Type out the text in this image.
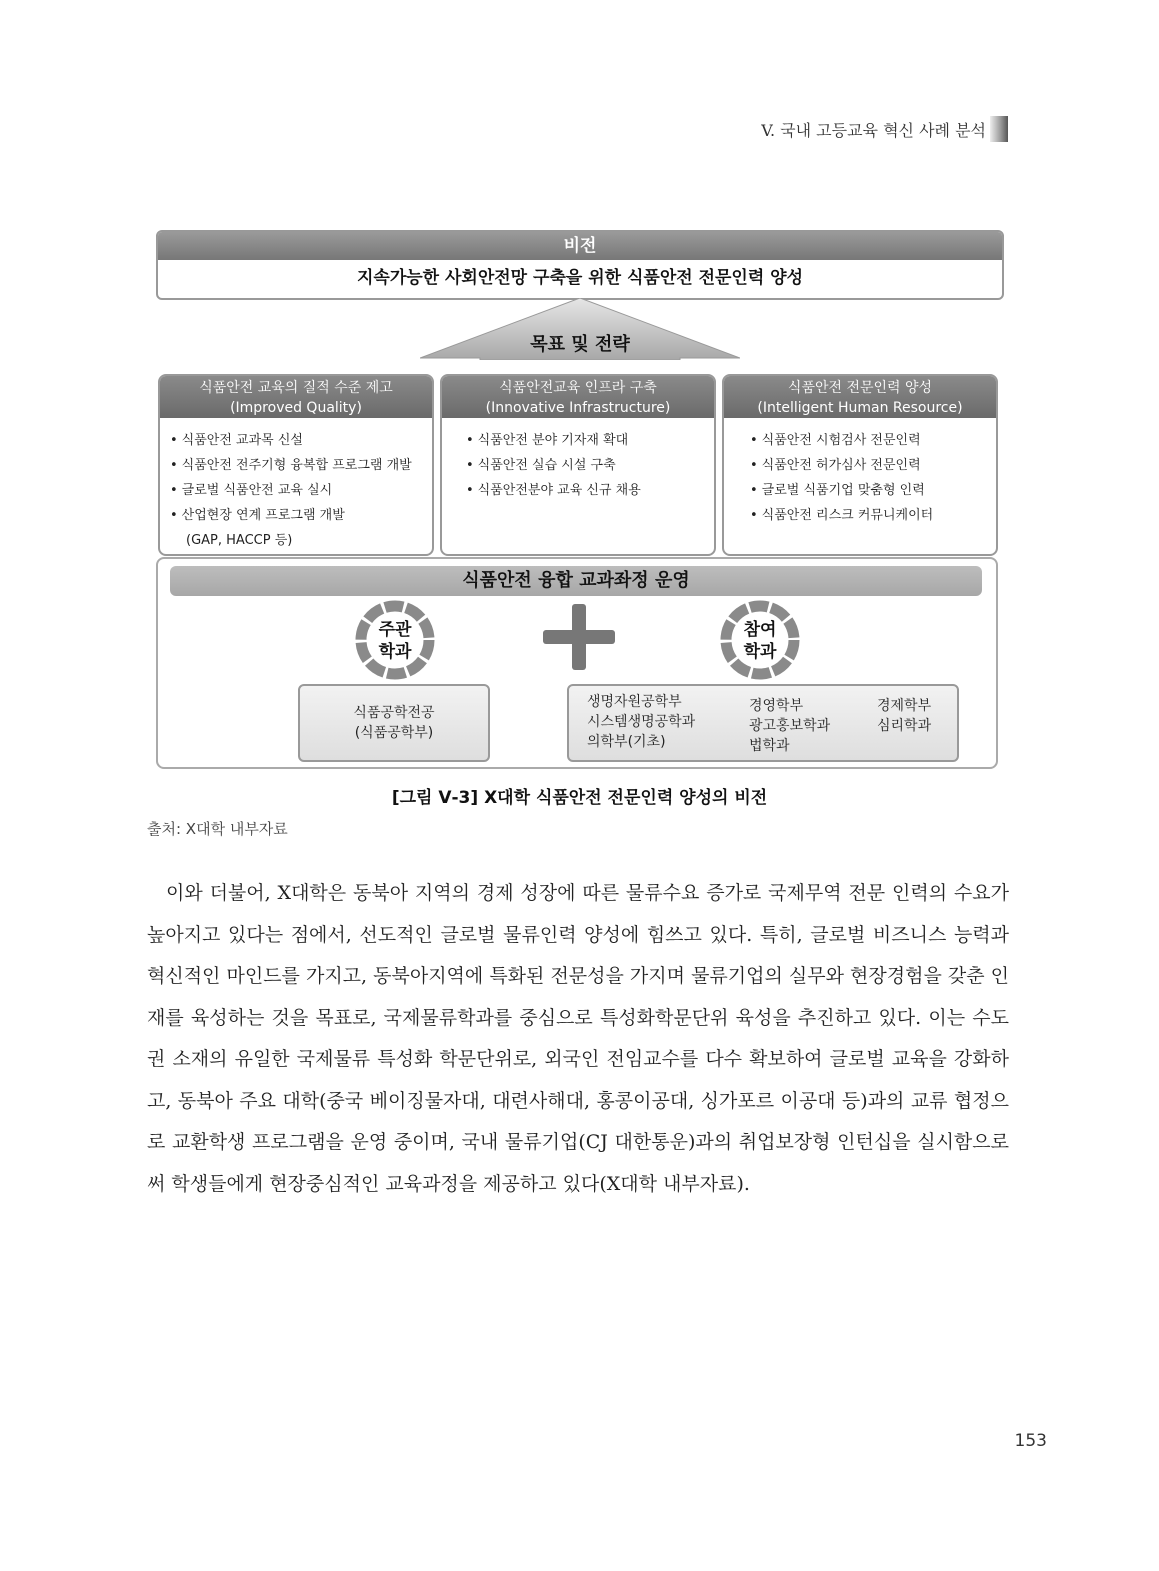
V. 국내 고등교육 혁신 사례 분석
비전
지속가능한 사회안전망 구축을 위한 식품안전 전문인력 양성
목표 및 전략
식품안전 교육의 질적 수준 제고
(Improved Quality)
• 식품안전 교과목 신설
• 식품안전 전주기형 융복합 프로그램 개발
• 글로벌 식품안전 교육 실시
• 산업현장 연계 프로그램 개발
(GAP, HACCP 등)
식품안전교육 인프라 구축
(Innovative Infrastructure)
• 식품안전 분야 기자재 확대
• 식품안전 실습 시설 구축
• 식품안전분야 교육 신규 채용
식품안전 전문인력 양성
(Intelligent Human Resource)
• 식품안전 시험검사 전문인력
• 식품안전 허가심사 전문인력
• 글로벌 식품기업 맞춤형 인력
• 식품안전 리스크 커뮤니케이터
식품안전 융합 교과좌정 운영
주관
학과
참여
학과
식품공학전공
(식품공학부)
생명자원공학부
시스템생명공학과
의학부(기초)
경영학부
광고홍보학과
법학과
경제학부
심리학과
[그림 Ⅴ-3] X대학 식품안전 전문인력 양성의 비전
출처: X대학 내부자료

이와 더불어, X대학은 동북아 지역의 경제 성장에 따른 물류수요 증가로 국제무역 전문 인력의 수요가 높아지고 있다는 점에서, 선도적인 글로벌 물류인력 양성에 힘쓰고 있다. 특히, 글로벌 비즈니스 능력과 혁신적인 마인드를 가지고, 동북아지역에 특화된 전문성을 가지며 물류기업의 실무와 현장경험을 갖춘 인재를 육성하는 것을 목표로, 국제물류학과를 중심으로 특성화학문단위 육성을 추진하고 있다. 이는 수도권 소재의 유일한 국제물류 특성화 학문단위로, 외국인 전임교수를 다수 확보하여 글로벌 교육을 강화하고, 동북아 주요 대학(중국 베이징물자대, 대련사해대, 홍콩이공대, 싱가포르 이공대 등)과의 교류 협정으로 교환학생 프로그램을 운영 중이며, 국내 물류기업(CJ 대한통운)과의 취업보장형 인턴십을 실시함으로써 학생들에게 현장중심적인 교육과정을 제공하고 있다(X대학 내부자료).

153
